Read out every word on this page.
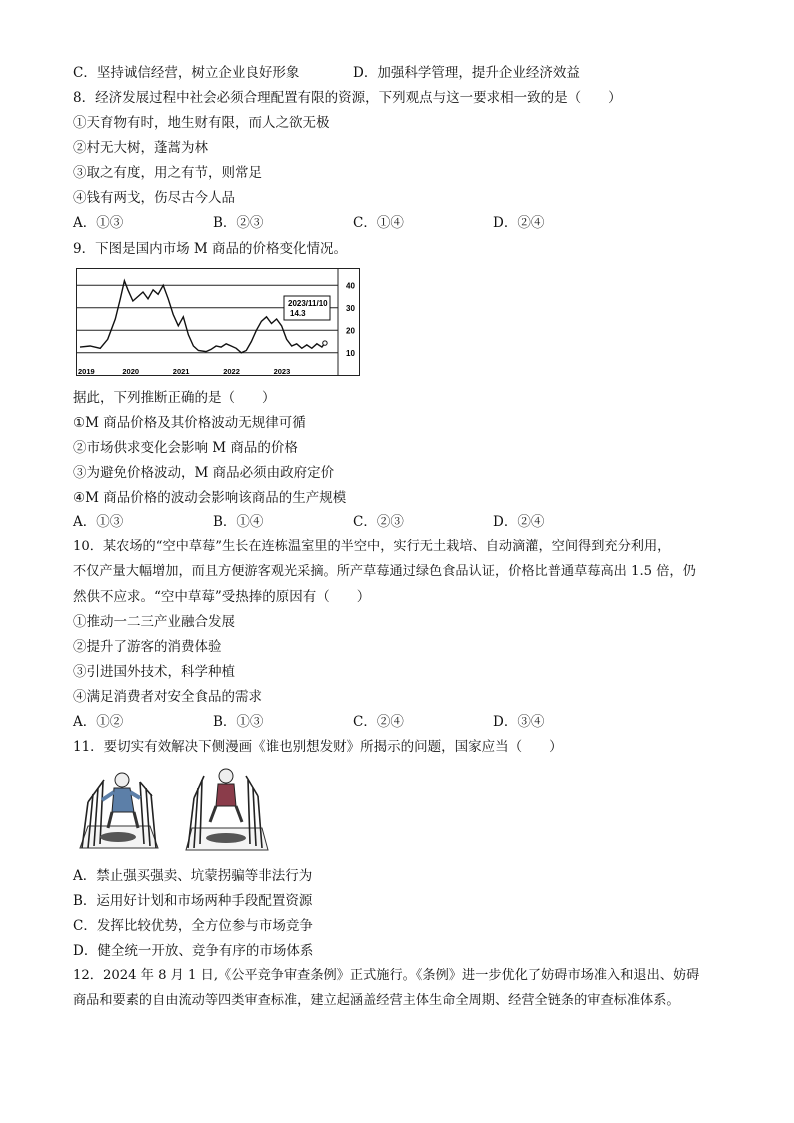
C．坚持诚信经营，树立企业良好形象	D．加强科学管理，提升企业经济效益
8．经济发展过程中社会必须合理配置有限的资源，下列观点与这一要求相一致的是（　　）
①天育物有时，地生财有限，而人之欲无极
②村无大树，蓬蒿为林
③取之有度，用之有节，则常足
④钱有两戈，伤尽古今人品
A．①③	B．②③	C．①④	D．②④
9．下图是国内市场 M 商品的价格变化情况。
40
30
20
10
2019	2020	2021	2022	2023
2023/11/10
14.3
据此，下列推断正确的是（　　）
①M 商品价格及其价格波动无规律可循
②市场供求变化会影响 M 商品的价格
③为避免价格波动，M 商品必须由政府定价
④M 商品价格的波动会影响该商品的生产规模
A．①③	B．①④	C．②③	D．②④
10．某农场的“空中草莓”生长在连栋温室里的半空中，实行无土栽培、自动滴灌，空间得到充分利用，
不仅产量大幅增加，而且方便游客观光采摘。所产草莓通过绿色食品认证，价格比普通草莓高出 1.5 倍，仍
然供不应求。“空中草莓”受热捧的原因有（　　）
①推动一二三产业融合发展
②提升了游客的消费体验
③引进国外技术，科学种植
④满足消费者对安全食品的需求
A．①②	B．①③	C．②④	D．③④
11．要切实有效解决下侧漫画《谁也别想发财》所揭示的问题，国家应当（　　）
A．禁止强买强卖、坑蒙拐骗等非法行为
B．运用好计划和市场两种手段配置资源
C．发挥比较优势，全方位参与市场竞争
D．健全统一开放、竞争有序的市场体系
12．2024 年 8 月 1 日,《公平竞争审查条例》正式施行。《条例》进一步优化了妨碍市场准入和退出、妨碍
商品和要素的自由流动等四类审查标准，建立起涵盖经营主体生命全周期、经营全链条的审查标准体系。
